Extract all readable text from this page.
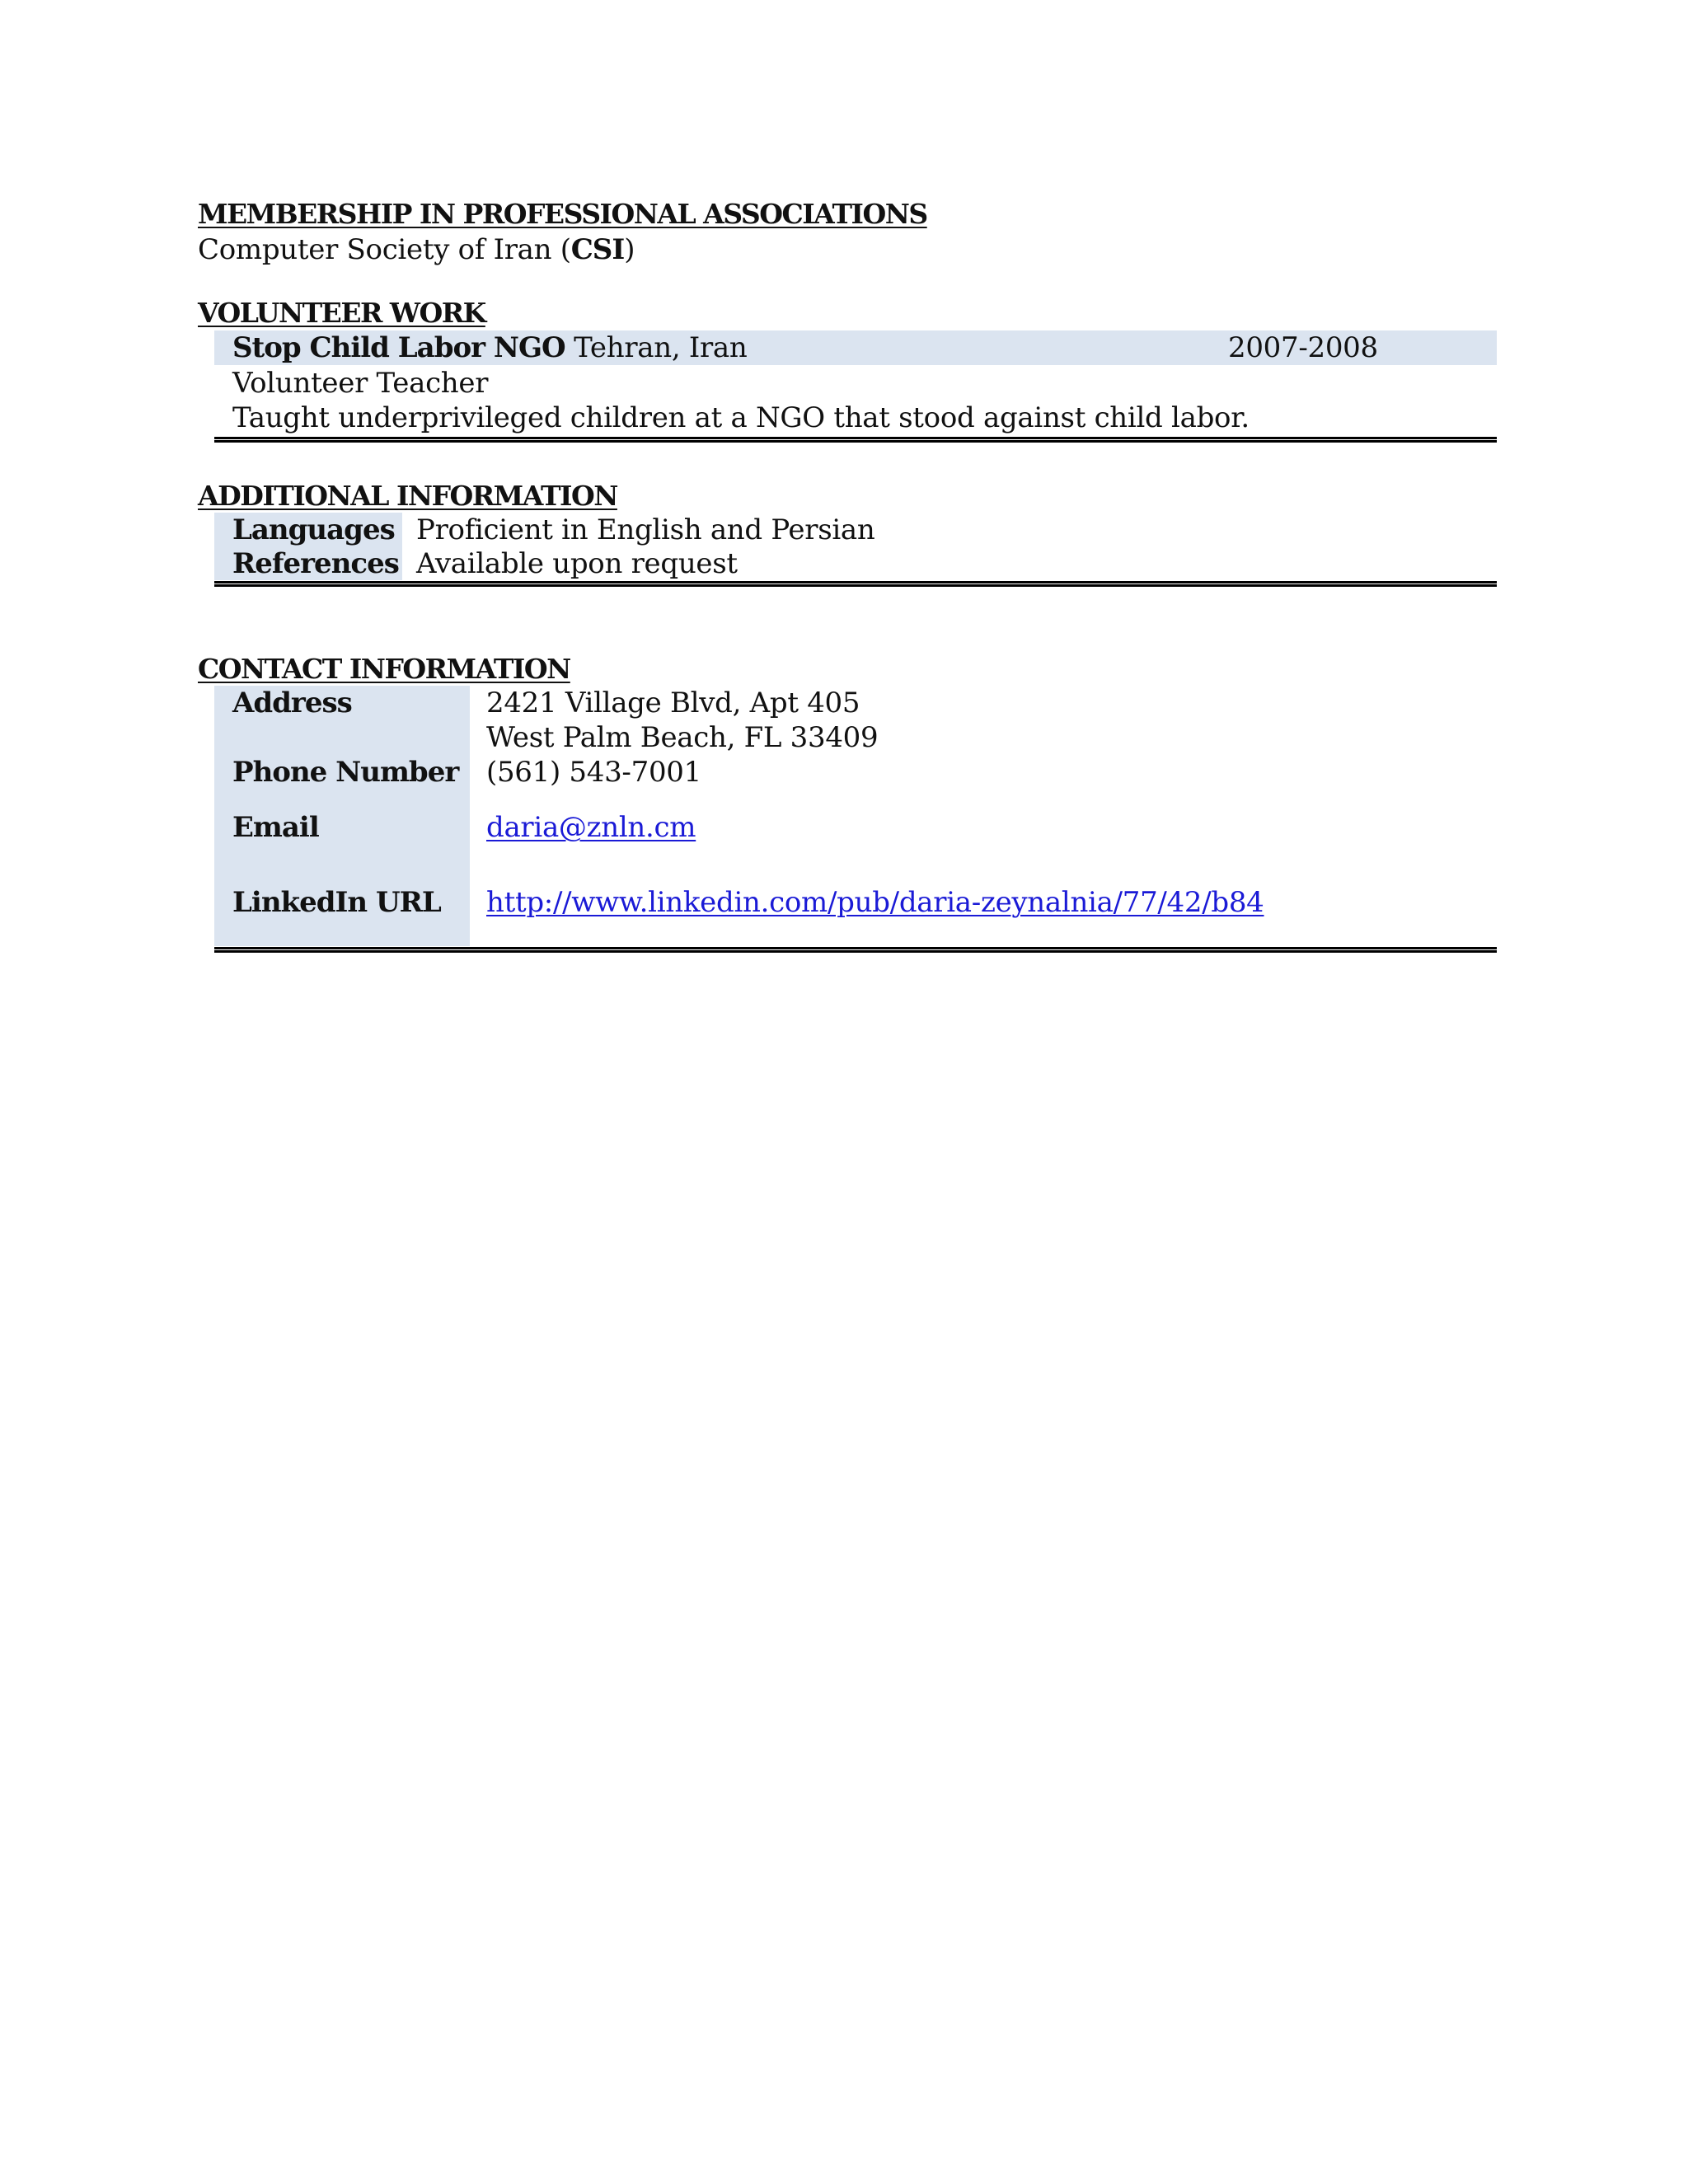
MEMBERSHIP IN PROFESSIONAL ASSOCIATIONS
Computer Society of Iran (CSI)
VOLUNTEER WORK
Stop Child Labor NGO Tehran, Iran	2007-2008
Volunteer Teacher
Taught underprivileged children at a NGO that stood against child labor.
ADDITIONAL INFORMATION
Languages Proficient in English and Persian
References Available upon request
CONTACT INFORMATION
Address	2421 Village Blvd, Apt 405
West Palm Beach, FL 33409
Phone Number (561) 543-7001
Email	daria@znln.cm
LinkedIn URL http://www.linkedin.com/pub/daria-zeynalnia/77/42/b84
